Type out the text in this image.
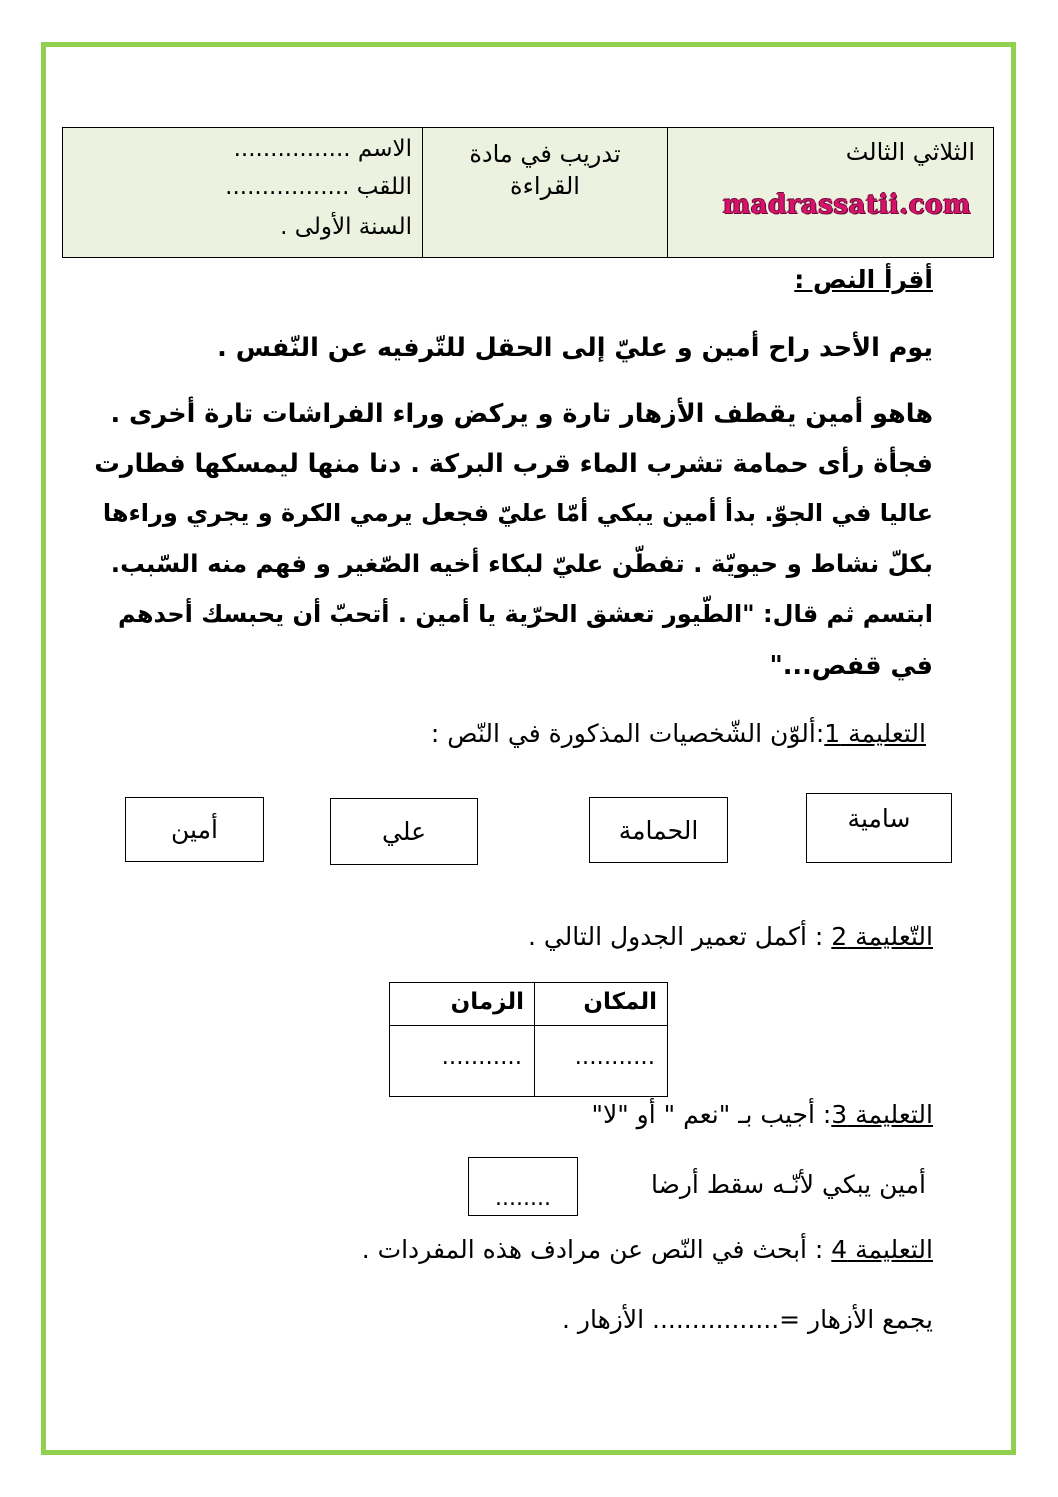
الثلاثي الثالث
madrassatii.com
تدريب في مادة
القراءة
الاسم ................
اللقب .................
السنة الأولى .
أقرأ النص :
يوم الأحد راح أمين و عليّ إلى الحقل للتّرفيه عن النّفس .
هاهو أمين يقطف الأزهار تارة و يركض وراء الفراشات تارة أخرى .
فجأة رأى حمامة تشرب الماء قرب البركة . دنا منها ليمسكها فطارت
عاليا في الجوّ. بدأ أمين يبكي أمّا عليّ فجعل يرمي الكرة و يجري وراءها
بكلّ نشاط و حيويّة . تفطّن عليّ لبكاء أخيه الصّغير و فهم منه السّبب.
ابتسم ثم قال: "الطّيور تعشق الحرّية يا أمين . أتحبّ أن يحبسك أحدهم
في قفص..."
التعليمة 1:ألوّن الشّخصيات المذكورة في النّص :
سامية
الحمامة
علي
أمين
التّعليمة 2 : أكمل تعمير الجدول التالي .
المكان
الزمان
...........
...........
التعليمة 3: أجيب بـ "نعم " أو "لا"
أمين يبكي لأنّـه سقط أرضا
........
التعليمة 4 : أبحث في النّص عن مرادف هذه المفردات .
يجمع الأزهار =................ الأزهار .
